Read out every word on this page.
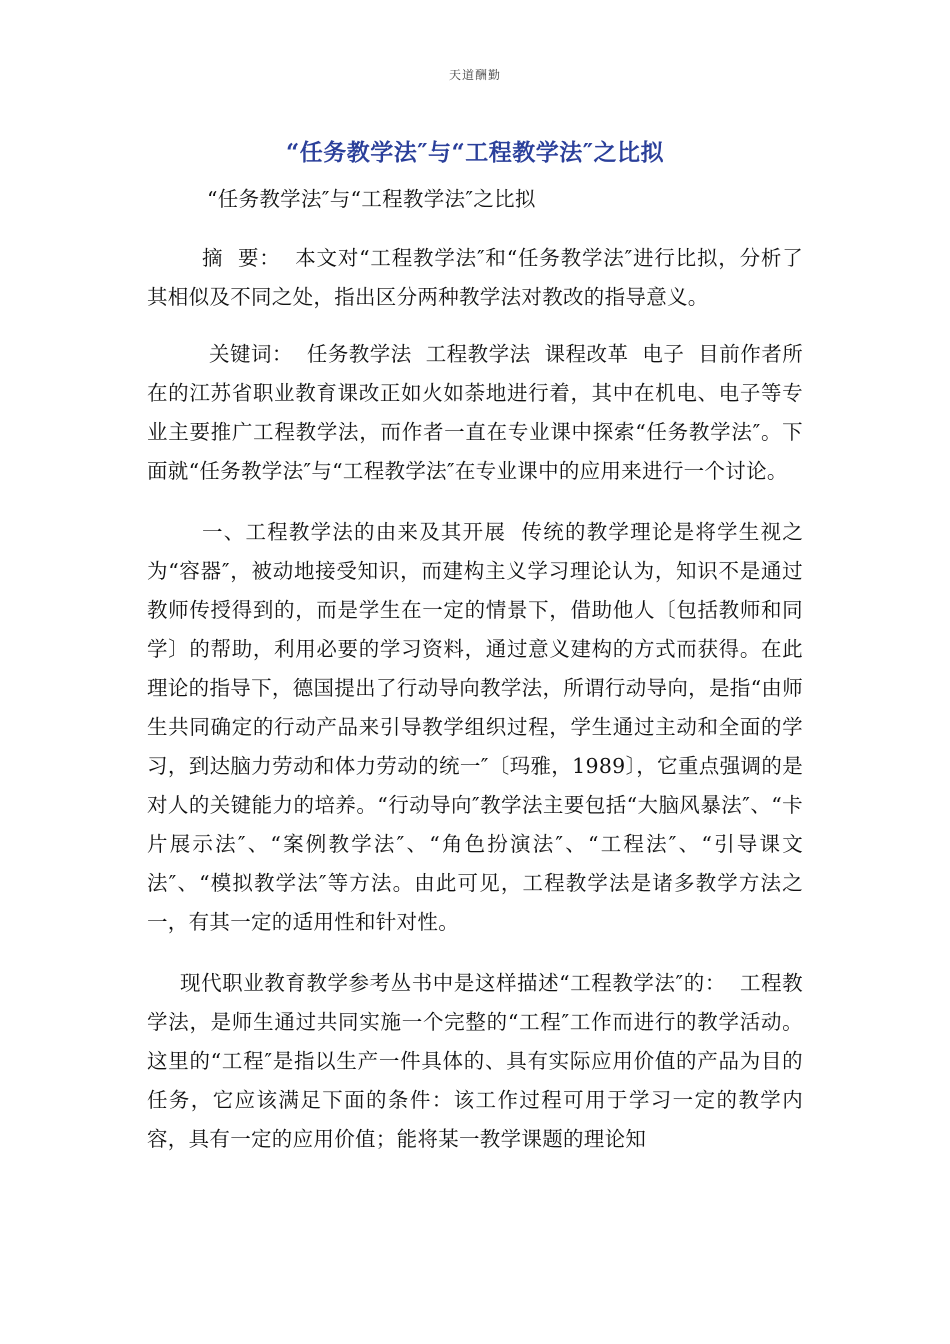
天道酬勤
“任务教学法″与“工程教学法″之比拟

“任务教学法″与“工程教学法″之比拟

摘  要：  本文对“工程教学法″和“任务教学法″进行比拟，分析了其相似及不同之处，指出区分两种教学法对教改的指导意义。

关键词：  任务教学法  工程教学法  课程改革  电子  目前作者所在的江苏省职业教育课改正如火如荼地进行着，其中在机电、电子等专业主要推广工程教学法，而作者一直在专业课中探索“任务教学法″。下面就“任务教学法″与“工程教学法″在专业课中的应用来进行一个讨论。

一、工程教学法的由来及其开展  传统的教学理论是将学生视之为“容器″，被动地接受知识，而建构主义学习理论认为，知识不是通过教师传授得到的，而是学生在一定的情景下，借助他人〔包括教师和同学〕的帮助，利用必要的学习资料，通过意义建构的方式而获得。在此理论的指导下，德国提出了行动导向教学法，所谓行动导向，是指“由师生共同确定的行动产品来引导教学组织过程，学生通过主动和全面的学习，到达脑力劳动和体力劳动的统一″〔玛雅，1989〕，它重点强调的是对人的关键能力的培养。“行动导向″教学法主要包括“大脑风暴法″、“卡片展示法″、“案例教学法″、“角色扮演法″、“工程法″、“引导课文法″、“模拟教学法″等方法。由此可见，工程教学法是诸多教学方法之一，有其一定的适用性和针对性。

现代职业教育教学参考丛书中是这样描述“工程教学法″的：  工程教学法，是师生通过共同实施一个完整的“工程″工作而进行的教学活动。这里的“工程″是指以生产一件具体的、具有实际应用价值的产品为目的任务，它应该满足下面的条件：该工作过程可用于学习一定的教学内容，具有一定的应用价值；能将某一教学课题的理论知
